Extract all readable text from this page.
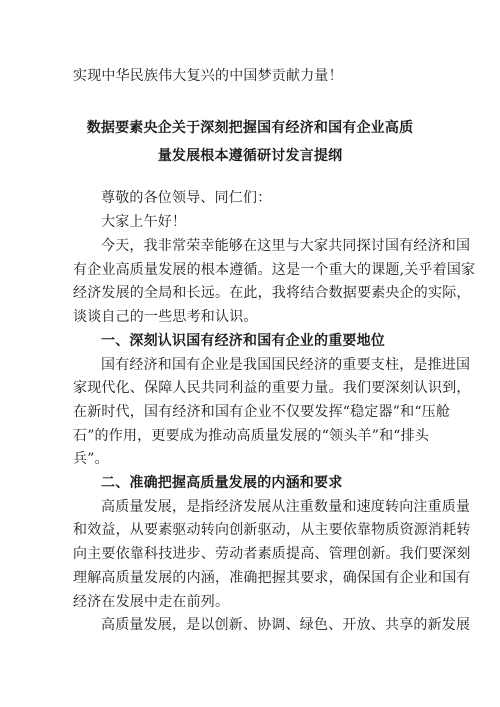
实现中华民族伟大复兴的中国梦贡献力量！
数据要素央企关于深刻把握国有经济和国有企业高质
量发展根本遵循研讨发言提纲
尊敬的各位领导、同仁们：
大家上午好！
今天，我非常荣幸能够在这里与大家共同探讨国有经济和国
有企业高质量发展的根本遵循。这是一个重大的课题,关乎着国家
经济发展的全局和长远。在此，我将结合数据要素央企的实际，
谈谈自己的一些思考和认识。
一、深刻认识国有经济和国有企业的重要地位
国有经济和国有企业是我国国民经济的重要支柱，是推进国
家现代化、保障人民共同利益的重要力量。我们要深刻认识到，
在新时代，国有经济和国有企业不仅要发挥“稳定器”和“压舱
石”的作用，更要成为推动高质量发展的“领头羊”和“排头
兵”。
二、准确把握高质量发展的内涵和要求
高质量发展，是指经济发展从注重数量和速度转向注重质量
和效益，从要素驱动转向创新驱动，从主要依靠物质资源消耗转
向主要依靠科技进步、劳动者素质提高、管理创新。我们要深刻
理解高质量发展的内涵，准确把握其要求，确保国有企业和国有
经济在发展中走在前列。
高质量发展，是以创新、协调、绿色、开放、共享的新发展
